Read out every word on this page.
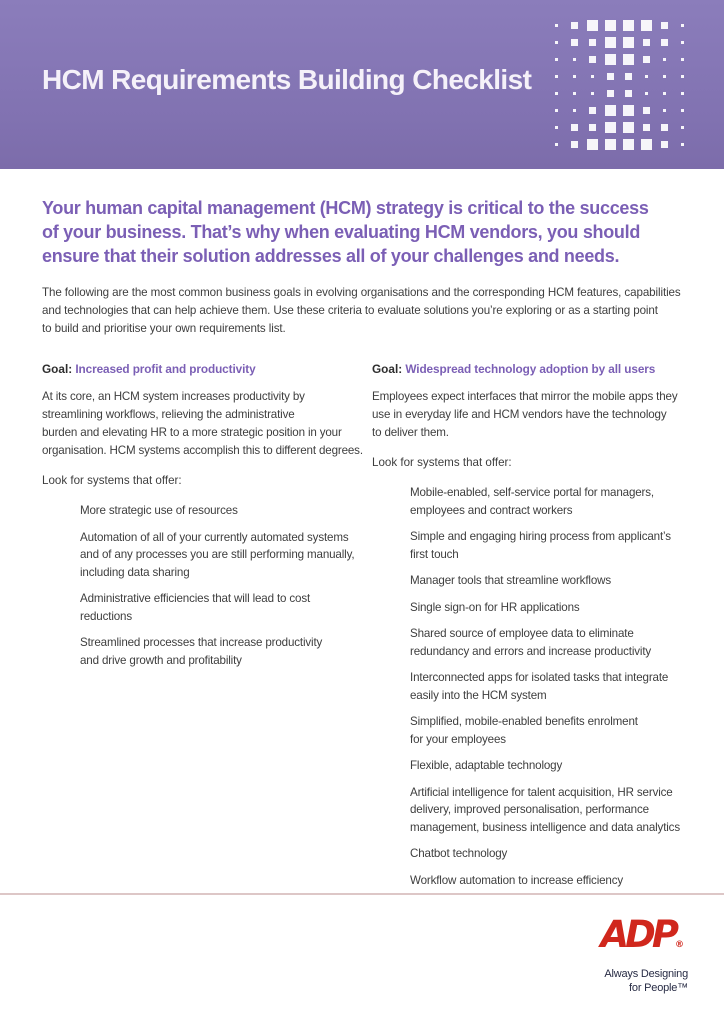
HCM Requirements Building Checklist
Your human capital management (HCM) strategy is critical to the success
of your business. That’s why when evaluating HCM vendors, you should
ensure that their solution addresses all of your challenges and needs.
The following are the most common business goals in evolving organisations and the corresponding HCM features, capabilities
and technologies that can help achieve them. Use these criteria to evaluate solutions you’re exploring or as a starting point
to build and prioritise your own requirements list.

Goal: Increased profit and productivity

At its core, an HCM system increases productivity by
streamlining workflows, relieving the administrative
burden and elevating HR to a more strategic position in your
organisation. HCM systems accomplish this to different degrees.

Look for systems that offer:

More strategic use of resources
Automation of all of your currently automated systems
and of any processes you are still performing manually,
including data sharing
Administrative efficiencies that will lead to cost
reductions
Streamlined processes that increase productivity
and drive growth and profitability

Goal: Widespread technology adoption by all users

Employees expect interfaces that mirror the mobile apps they
use in everyday life and HCM vendors have the technology
to deliver them.

Look for systems that offer:

Mobile-enabled, self-service portal for managers,
employees and contract workers
Simple and engaging hiring process from applicant’s
first touch
Manager tools that streamline workflows
Single sign-on for HR applications
Shared source of employee data to eliminate
redundancy and errors and increase productivity
Interconnected apps for isolated tasks that integrate
easily into the HCM system
Simplified, mobile-enabled benefits enrolment
for your employees
Flexible, adaptable technology
Artificial intelligence for talent acquisition, HR service
delivery, improved personalisation, performance
management, business intelligence and data analytics
Chatbot technology
Workflow automation to increase efficiency
ADP®
Always Designing
for People™
